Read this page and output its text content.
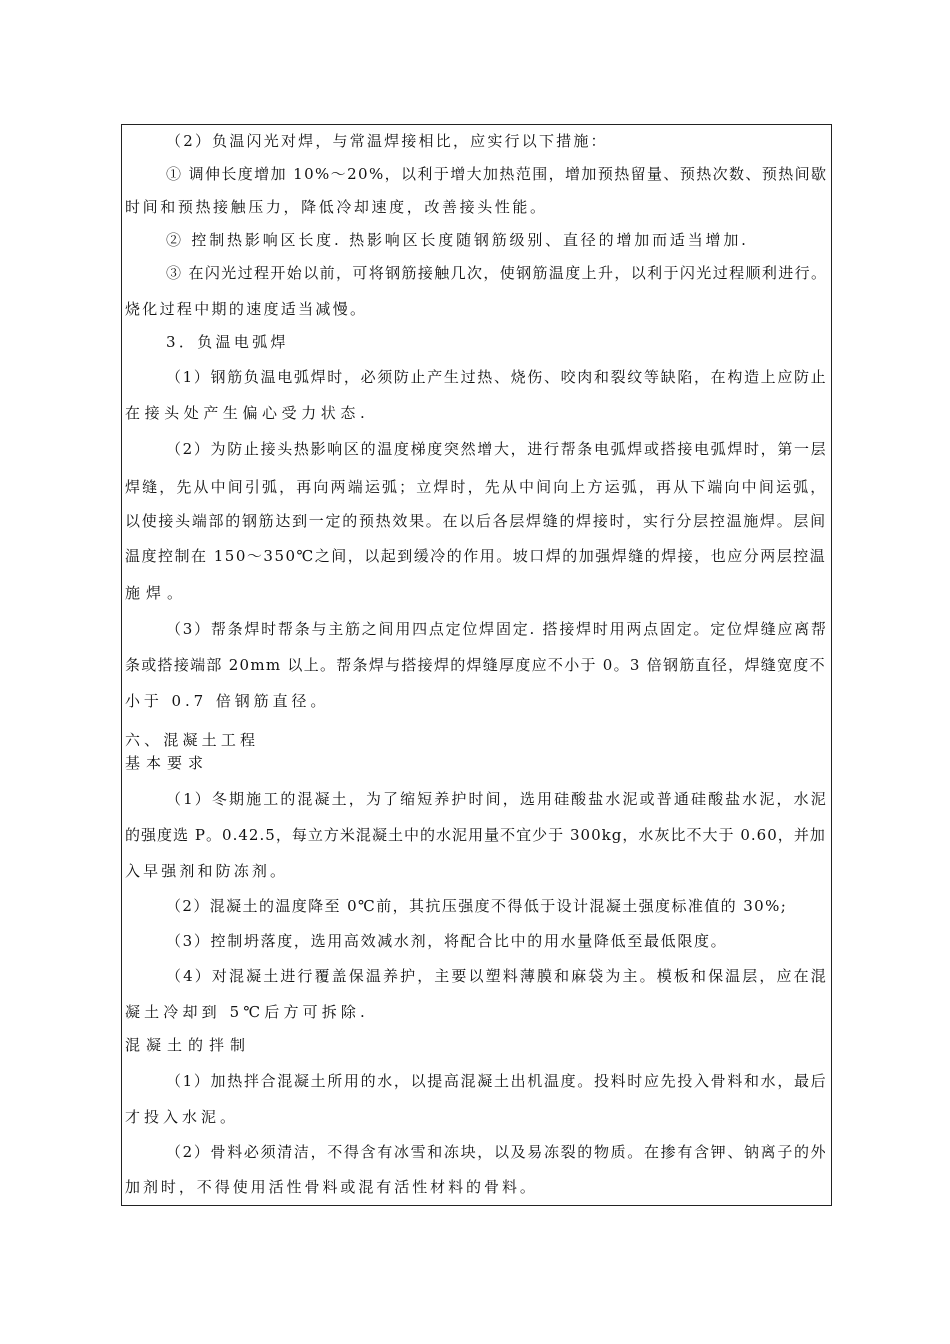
（2）负温闪光对焊，与常温焊接相比，应实行以下措施：
① 调伸长度增加 10%～20%，以利于增大加热范围，增加预热留量、预热次数、预热间歇
时间和预热接触压力，降低冷却速度，改善接头性能。
② 控制热影响区长度. 热影响区长度随钢筋级别、直径的增加而适当增加.
③ 在闪光过程开始以前，可将钢筋接触几次，使钢筋温度上升，以利于闪光过程顺利进行。
烧化过程中期的速度适当减慢。
3．负温电弧焊
（1）钢筋负温电弧焊时，必须防止产生过热、烧伤、咬肉和裂纹等缺陷，在构造上应防止
在接头处产生偏心受力状态.
（2）为防止接头热影响区的温度梯度突然增大，进行帮条电弧焊或搭接电弧焊时，第一层
焊缝，先从中间引弧，再向两端运弧；立焊时，先从中间向上方运弧，再从下端向中间运弧，
以使接头端部的钢筋达到一定的预热效果。在以后各层焊缝的焊接时，实行分层控温施焊。层间
温度控制在 150～350℃之间，以起到缓冷的作用。坡口焊的加强焊缝的焊接，也应分两层控温
施焊。
（3）帮条焊时帮条与主筋之间用四点定位焊固定. 搭接焊时用两点固定。定位焊缝应离帮
条或搭接端部 20mm 以上。帮条焊与搭接焊的焊缝厚度应不小于 0。3 倍钢筋直径，焊缝宽度不
小于 0.7 倍钢筋直径。
六、混凝土工程
基本要求
（1）冬期施工的混凝土，为了缩短养护时间，选用硅酸盐水泥或普通硅酸盐水泥，水泥
的强度选 P。0.42.5，每立方米混凝土中的水泥用量不宜少于 300kg，水灰比不大于 0.60，并加
入早强剂和防冻剂。
（2）混凝土的温度降至 0℃前，其抗压强度不得低于设计混凝土强度标准值的 30%;
（3）控制坍落度，选用高效减水剂，将配合比中的用水量降低至最低限度。
（4）对混凝土进行覆盖保温养护，主要以塑料薄膜和麻袋为主。模板和保温层，应在混
凝土冷却到 5℃后方可拆除.
混凝土的拌制
（1）加热拌合混凝土所用的水，以提高混凝土出机温度。投料时应先投入骨料和水，最后
才投入水泥。
（2）骨料必须清洁，不得含有冰雪和冻块，以及易冻裂的物质。在掺有含钾、钠离子的外
加剂时，不得使用活性骨料或混有活性材料的骨料。
